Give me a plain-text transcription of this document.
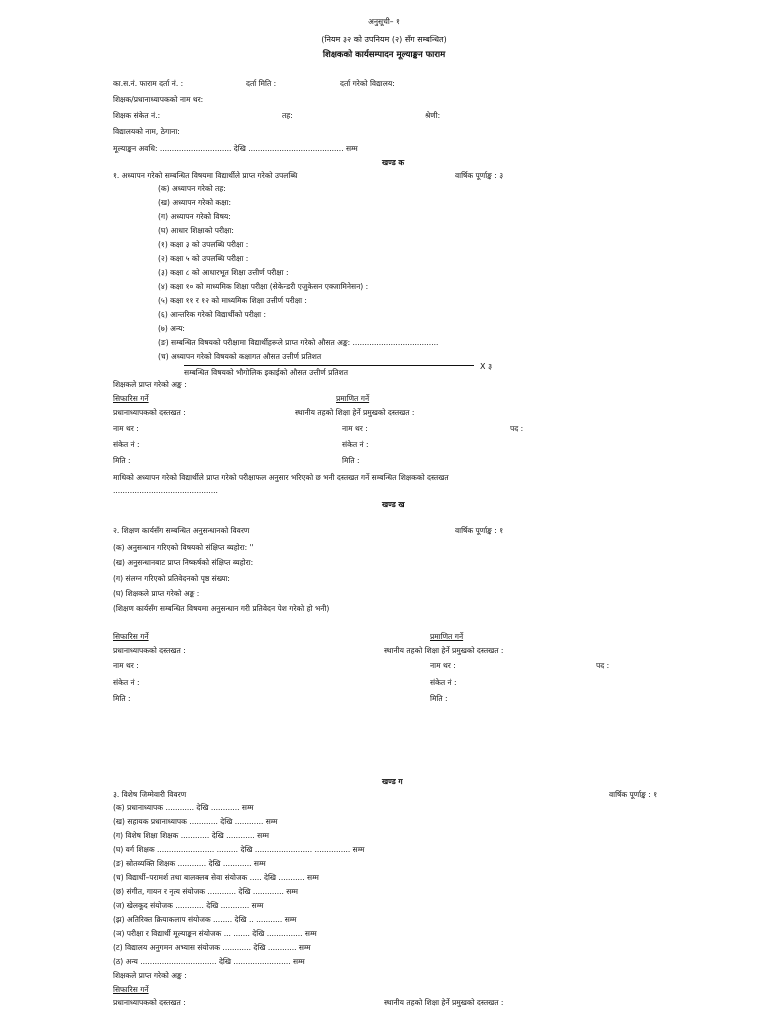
अनुसूची– १
(नियम ३२ को उपनियम (२) सँग सम्बन्धित)
शिक्षकको कार्यसम्पादन मूल्याङ्कन फाराम
का.स.नं. फाराम दर्ता नं. :	दर्ता मिति :	दर्ता गरेको विद्यालय:
शिक्षक/प्रधानाध्यापकको नाम थर:
शिक्षक संकेत नं.:	तह:	श्रेणी:
विद्यालयको नाम, ठेगाना:
मूल्याङ्कन अवधि: .............................. देखि ........................................ सम्म
खण्ड क
१. अध्यापन गरेको सम्बन्धित विषयमा विद्यार्थीले प्राप्त गरेको उपलब्धि	वार्षिक पूर्णाङ्क : ३
(क) अध्यापन गरेको तह:
(ख) अध्यापन गरेको कक्षा:
(ग) अध्यापन गरेको विषय:
(घ) आधार शिक्षाको परीक्षा:
(१) कक्षा ३ को उपलब्धि परीक्षा :
(२) कक्षा ५ को उपलब्धि परीक्षा :
(३) कक्षा ८ को आधारभूत शिक्षा उत्तीर्ण परीक्षा :
(४) कक्षा १० को माध्यमिक शिक्षा परीक्षा (सेकेन्डरी एजुकेसन एक्जामिनेसन) :
(५) कक्षा ११ र १२ को माध्यमिक शिक्षा उत्तीर्ण परीक्षा :
(६) आन्तरिक गरेको विद्यार्थीको परीक्षा :
(७) अन्य:
(ङ) सम्बन्धित विषयको परीक्षामा विद्यार्थीहरूले प्राप्त गरेको औसत अङ्क: ....................................
(च) अध्यापन गरेको विषयको कक्षागत औसत उत्तीर्ण प्रतिशत
सम्बन्धित विषयको भौगोलिक इकाईको औसत उत्तीर्ण प्रतिशत
X ३
शिक्षकले प्राप्त गरेको अङ्क :
सिफारिस गर्ने	प्रमाणित गर्ने
प्रधानाध्यापकको दस्तखत :	स्थानीय तहको शिक्षा हेर्ने प्रमुखको दस्तखत :
नाम थर :	नाम थर :	पद :
संकेत नं :	संकेत नं :
मिति :	मिति :
माथिको अध्यापन गरेको विद्यार्थीले प्राप्त गरेको परीक्षाफल अनुसार भरिएको छ भनी दस्तखत गर्ने सम्बन्धित शिक्षकको दस्तखत
............................................
खण्ड ख
२. शिक्षण कार्यसँग सम्बन्धित अनुसन्धानको विवरण	वार्षिक पूर्णाङ्क : १
(क) अनुसन्धान गरिएको विषयको संक्षिप्त ब्यहोरा: ''
(ख) अनुसन्धानबाट प्राप्त निष्कर्षको संक्षिप्त ब्यहोरा:
(ग) संलग्न गरिएको प्रतिवेदनको पृष्ठ संख्या:
(घ) शिक्षकले प्राप्त गरेको अङ्क :
(शिक्षण कार्यसँग सम्बन्धित विषयमा अनुसन्धान गरी प्रतिवेदन पेश गरेको हो भनी)
सिफारिस गर्ने	प्रमाणित गर्ने
प्रधानाध्यापकको दस्तखत :	स्थानीय तहको शिक्षा हेर्ने प्रमुखको दस्तखत :
नाम थर :	नाम थर :	पद :
संकेत नं :	संकेत नं :
मिति :	मिति :
खण्ड ग
३. विशेष जिम्मेवारी विवरण	वार्षिक पूर्णाङ्क : १
(क) प्रधानाध्यापक ............ देखि ............ सम्म
(ख) सहायक प्रधानाध्यापक ............ देखि ............ सम्म
(ग) विशेष शिक्षा शिक्षक ............ देखि ............ सम्म
(घ) वर्ग शिक्षक ........................ ......... देखि ........................ ............... सम्म
(ङ) स्रोतव्यक्ति शिक्षक ............ देखि ............ सम्म
(च) विद्यार्थी–परामर्श तथा बालक्लब सेवा संयोजक ..... देखि ........... सम्म
(छ) संगीत, गायन र नृत्य संयोजक ............ देखि ............. सम्म
(ज) खेलकूद संयोजक ............ देखि ............ सम्म
(झ) अतिरिक्त क्रियाकलाप संयोजक ........ देखि .. ........... सम्म
(ञ) परीक्षा र विद्यार्थी मूल्याङ्कन संयोजक ... ....... देखि ............... सम्म
(ट) विद्यालय अनुगमन अभ्यास संयोजक ............ देखि ............ सम्म
(ठ) अन्य ................................ देखि ........................ सम्म
शिक्षकले प्राप्त गरेको अङ्क :
सिफारिस गर्ने
प्रधानाध्यापकको दस्तखत :	स्थानीय तहको शिक्षा हेर्ने प्रमुखको दस्तखत :
